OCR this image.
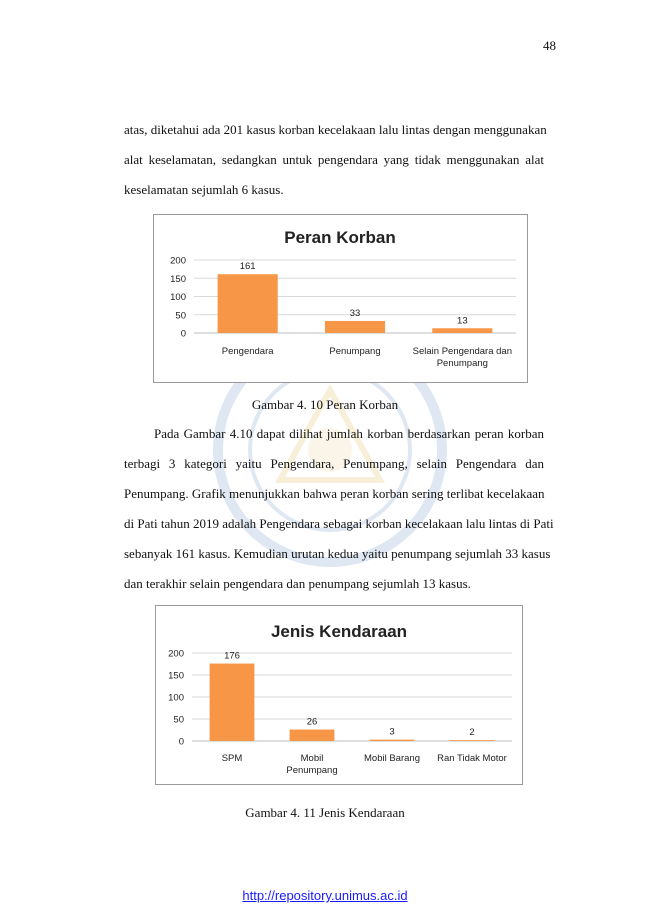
48

atas, diketahui ada 201 kasus korban kecelakaan lalu lintas dengan menggunakan
alat keselamatan, sedangkan untuk pengendara yang tidak menggunakan alat
keselamatan sejumlah 6 kasus.

Peran Korban
0
50
100
150
200
161
Pengendara
33
Penumpang
13
Selain Pengendara dan
Penumpang
Gambar 4. 10 Peran Korban

Pada Gambar 4.10 dapat dilihat jumlah korban berdasarkan peran korban
terbagi 3 kategori yaitu Pengendara, Penumpang, selain Pengendara dan
Penumpang. Grafik menunjukkan bahwa peran korban sering terlibat kecelakaan
di Pati tahun 2019 adalah Pengendara sebagai korban kecelakaan lalu lintas di Pati
sebanyak 161 kasus. Kemudian urutan kedua yaitu penumpang sejumlah 33 kasus
dan terakhir selain pengendara dan penumpang sejumlah 13 kasus.

Jenis Kendaraan
0
50
100
150
200	176
SPM
26
Mobil
Penumpang
3
Mobil Barang
2
Ran Tidak Motor
Gambar 4. 11 Jenis Kendaraan
http://repository.unimus.ac.id
